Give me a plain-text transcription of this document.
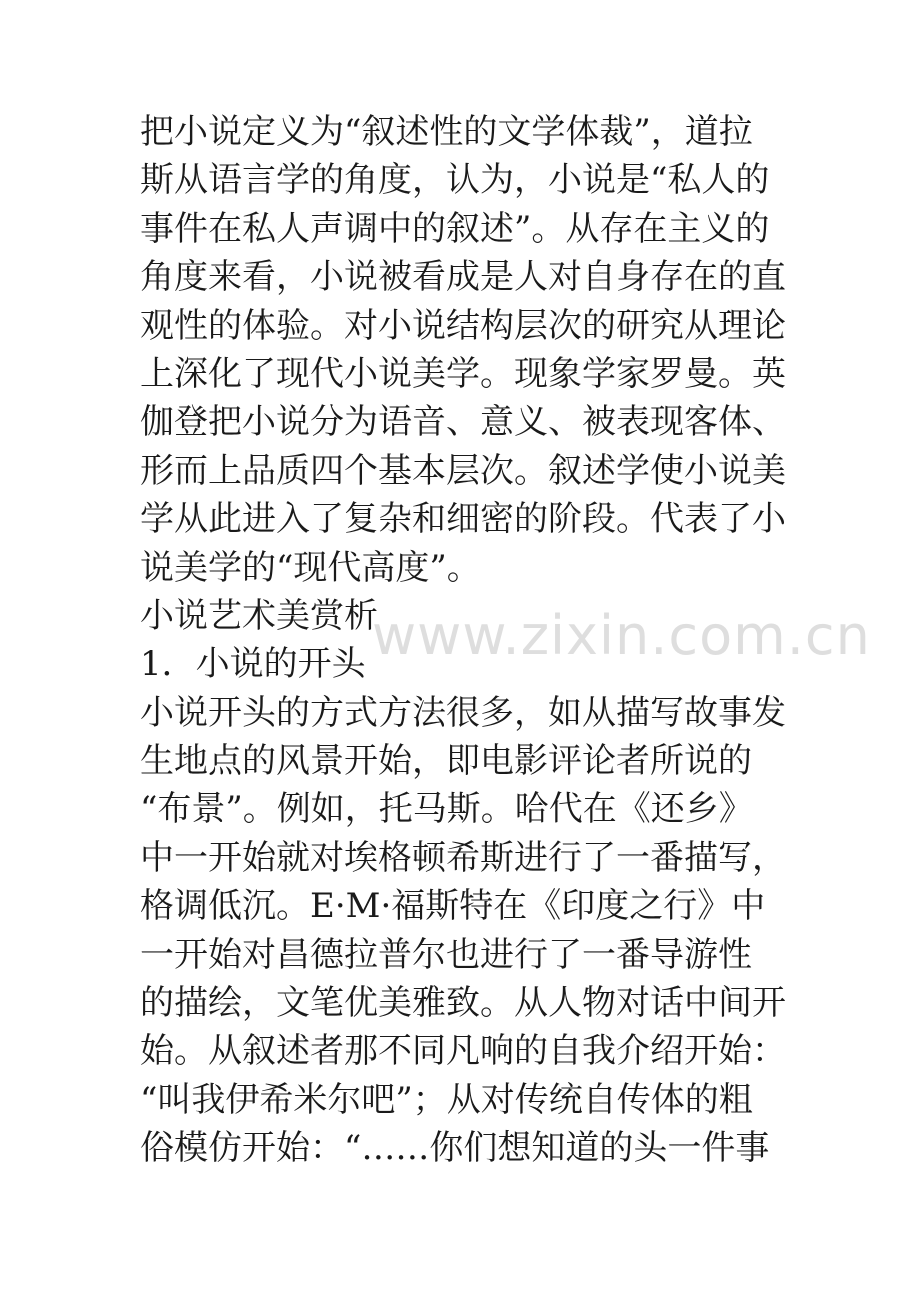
把小说定义为“叙述性的文学体裁”，道拉
斯从语言学的角度，认为，小说是“私人的
事件在私人声调中的叙述”。从存在主义的
角度来看，小说被看成是人对自身存在的直
观性的体验。对小说结构层次的研究从理论
上深化了现代小说美学。现象学家罗曼。英
伽登把小说分为语音、意义、被表现客体、
形而上品质四个基本层次。叙述学使小说美
学从此进入了复杂和细密的阶段。代表了小
说美学的“现代高度”。
小说艺术美赏析
1．小说的开头
小说开头的方式方法很多，如从描写故事发
生地点的风景开始，即电影评论者所说的
“布景”。例如，托马斯。哈代在《还乡》
中一开始就对埃格顿希斯进行了一番描写，
格调低沉。E·M·福斯特在《印度之行》中
一开始对昌德拉普尔也进行了一番导游性
的描绘，文笔优美雅致。从人物对话中间开
始。从叙述者那不同凡响的自我介绍开始：
“叫我伊希米尔吧”；从对传统自传体的粗
俗模仿开始：“……你们想知道的头一件事
www.zixin.com.cn
